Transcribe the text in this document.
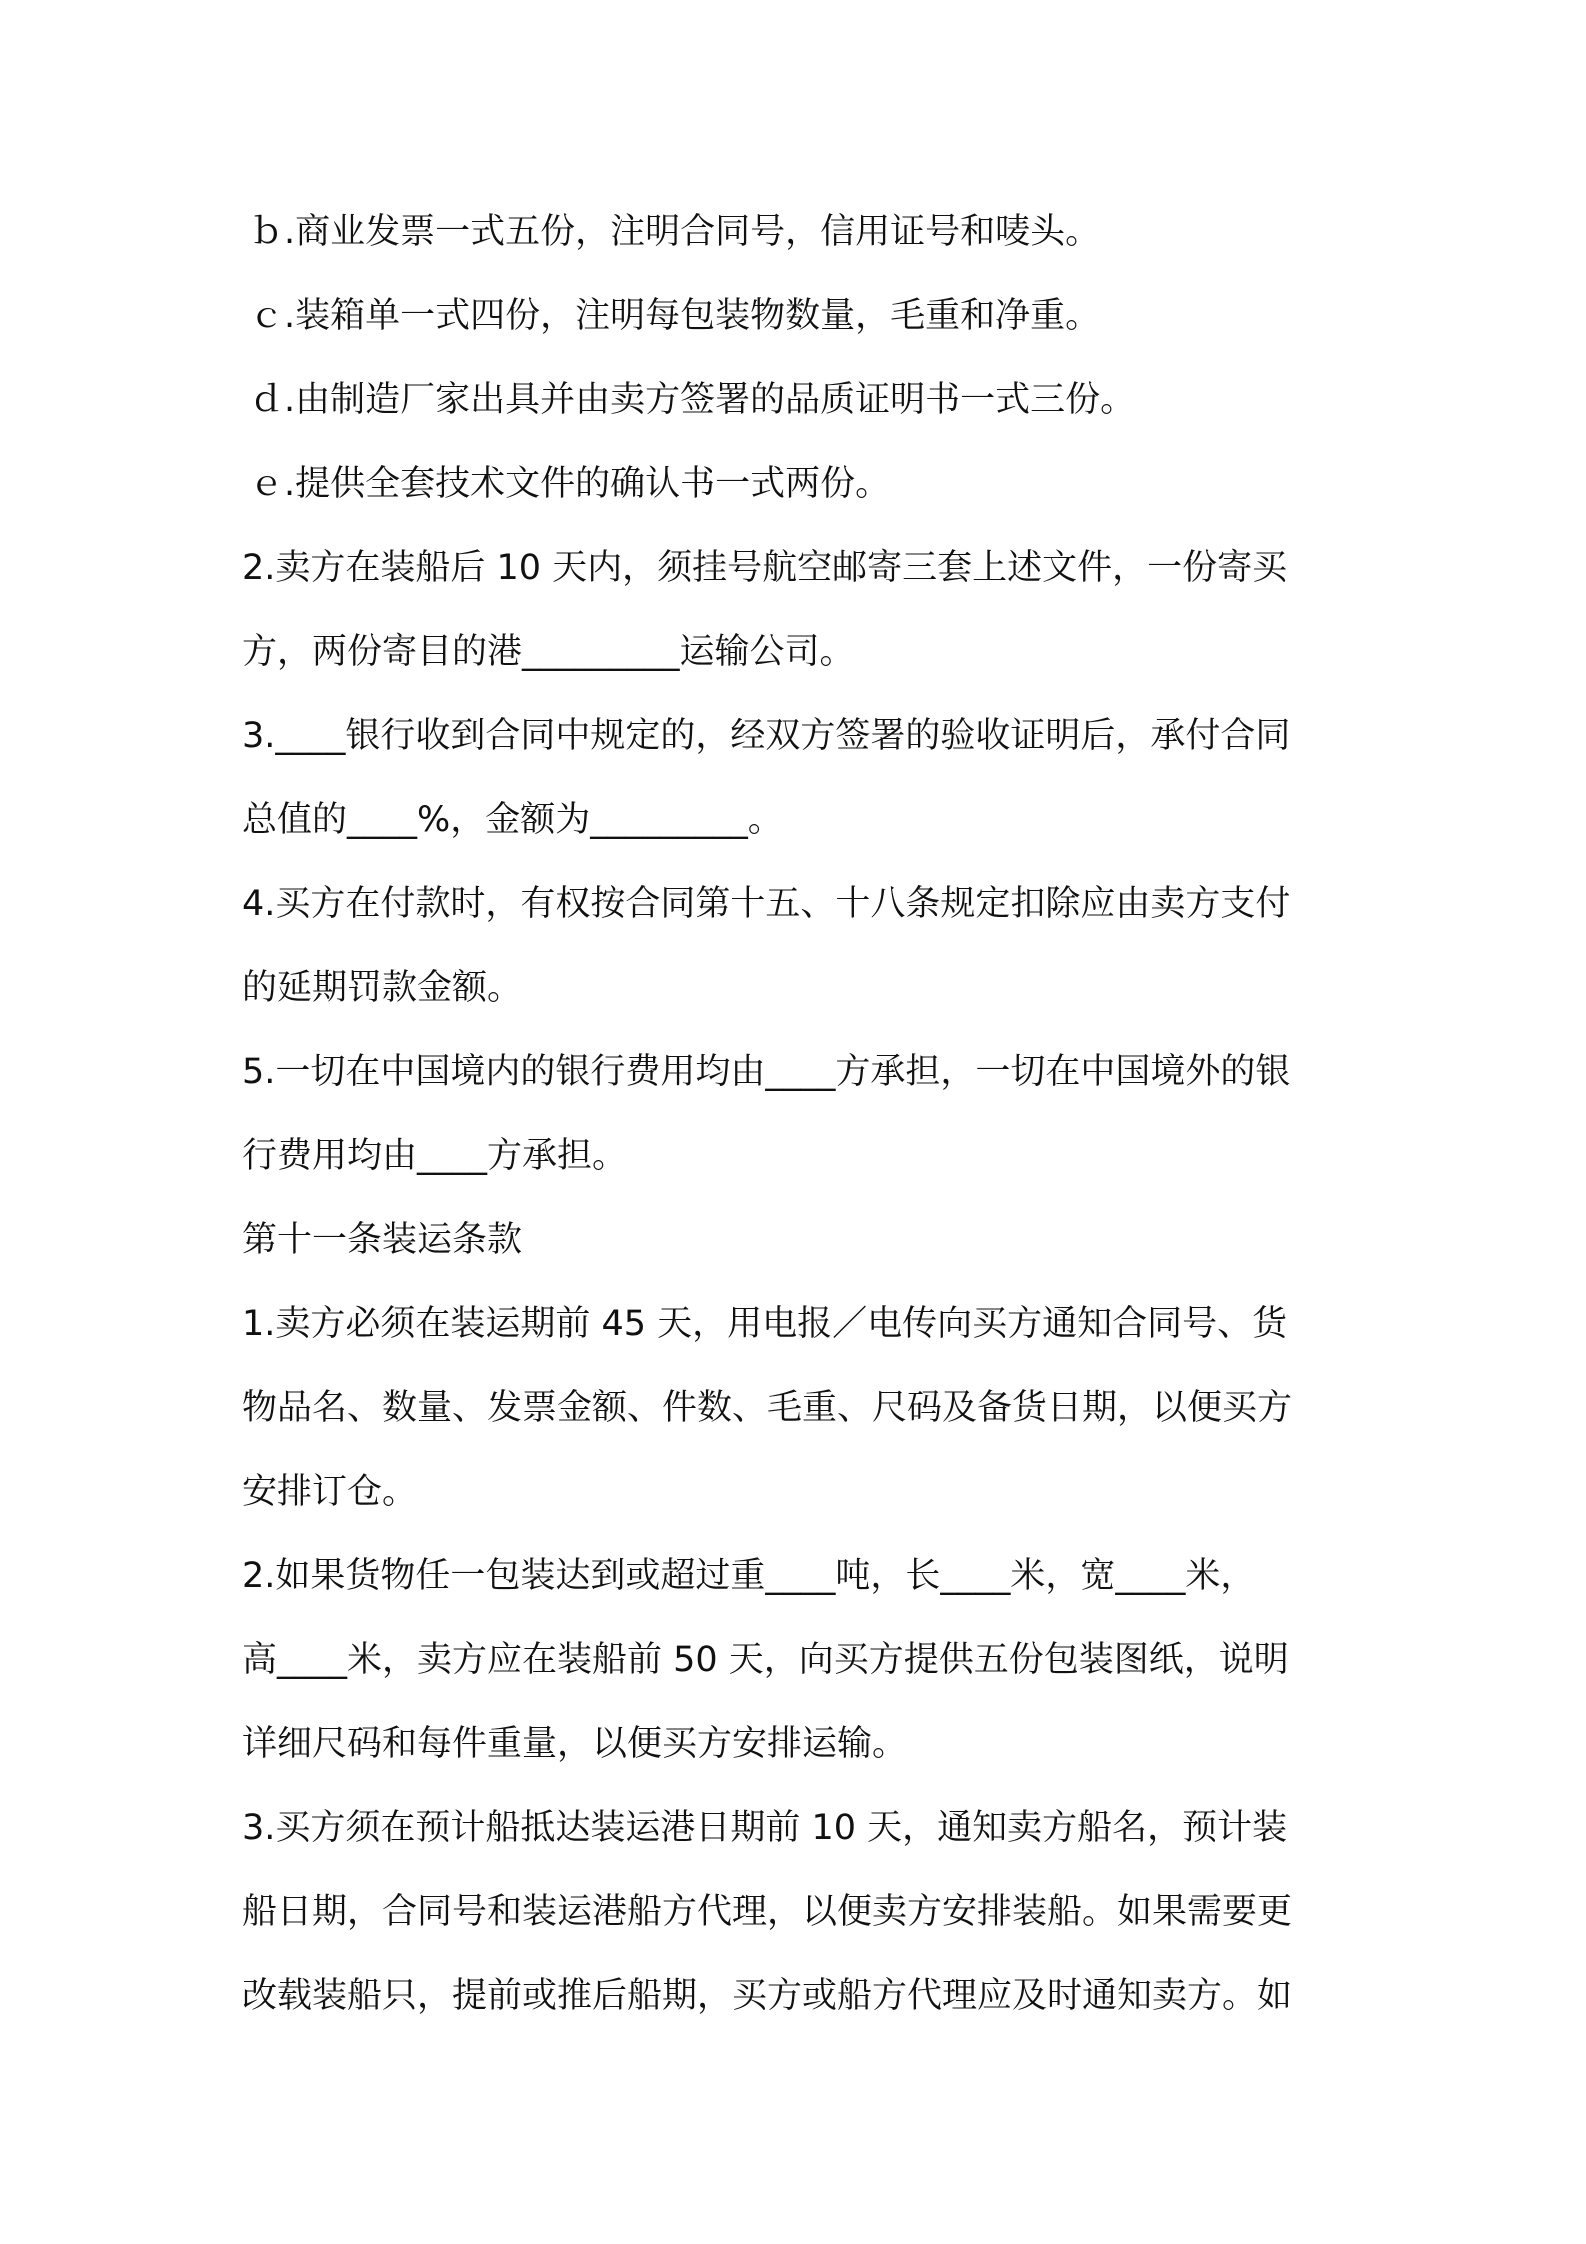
ｂ.商业发票一式五份，注明合同号，信用证号和唛头。
ｃ.装箱单一式四份，注明每包装物数量，毛重和净重。
ｄ.由制造厂家出具并由卖方签署的品质证明书一式三份。
ｅ.提供全套技术文件的确认书一式两份。
2.卖方在装船后 10 天内，须挂号航空邮寄三套上述文件，一份寄买
方，两份寄目的港_________运输公司。
3.____银行收到合同中规定的，经双方签署的验收证明后，承付合同
总值的____%，金额为_________。
4.买方在付款时，有权按合同第十五、十八条规定扣除应由卖方支付
的延期罚款金额。
5.一切在中国境内的银行费用均由____方承担，一切在中国境外的银
行费用均由____方承担。
第十一条装运条款
1.卖方必须在装运期前 45 天，用电报／电传向买方通知合同号、货
物品名、数量、发票金额、件数、毛重、尺码及备货日期，以便买方
安排订仓。
2.如果货物任一包装达到或超过重____吨，长____米，宽____米，
高____米，卖方应在装船前 50 天，向买方提供五份包装图纸，说明
详细尺码和每件重量，以便买方安排运输。
3.买方须在预计船抵达装运港日期前 10 天，通知卖方船名，预计装
船日期，合同号和装运港船方代理，以便卖方安排装船。如果需要更
改载装船只，提前或推后船期，买方或船方代理应及时通知卖方。如
